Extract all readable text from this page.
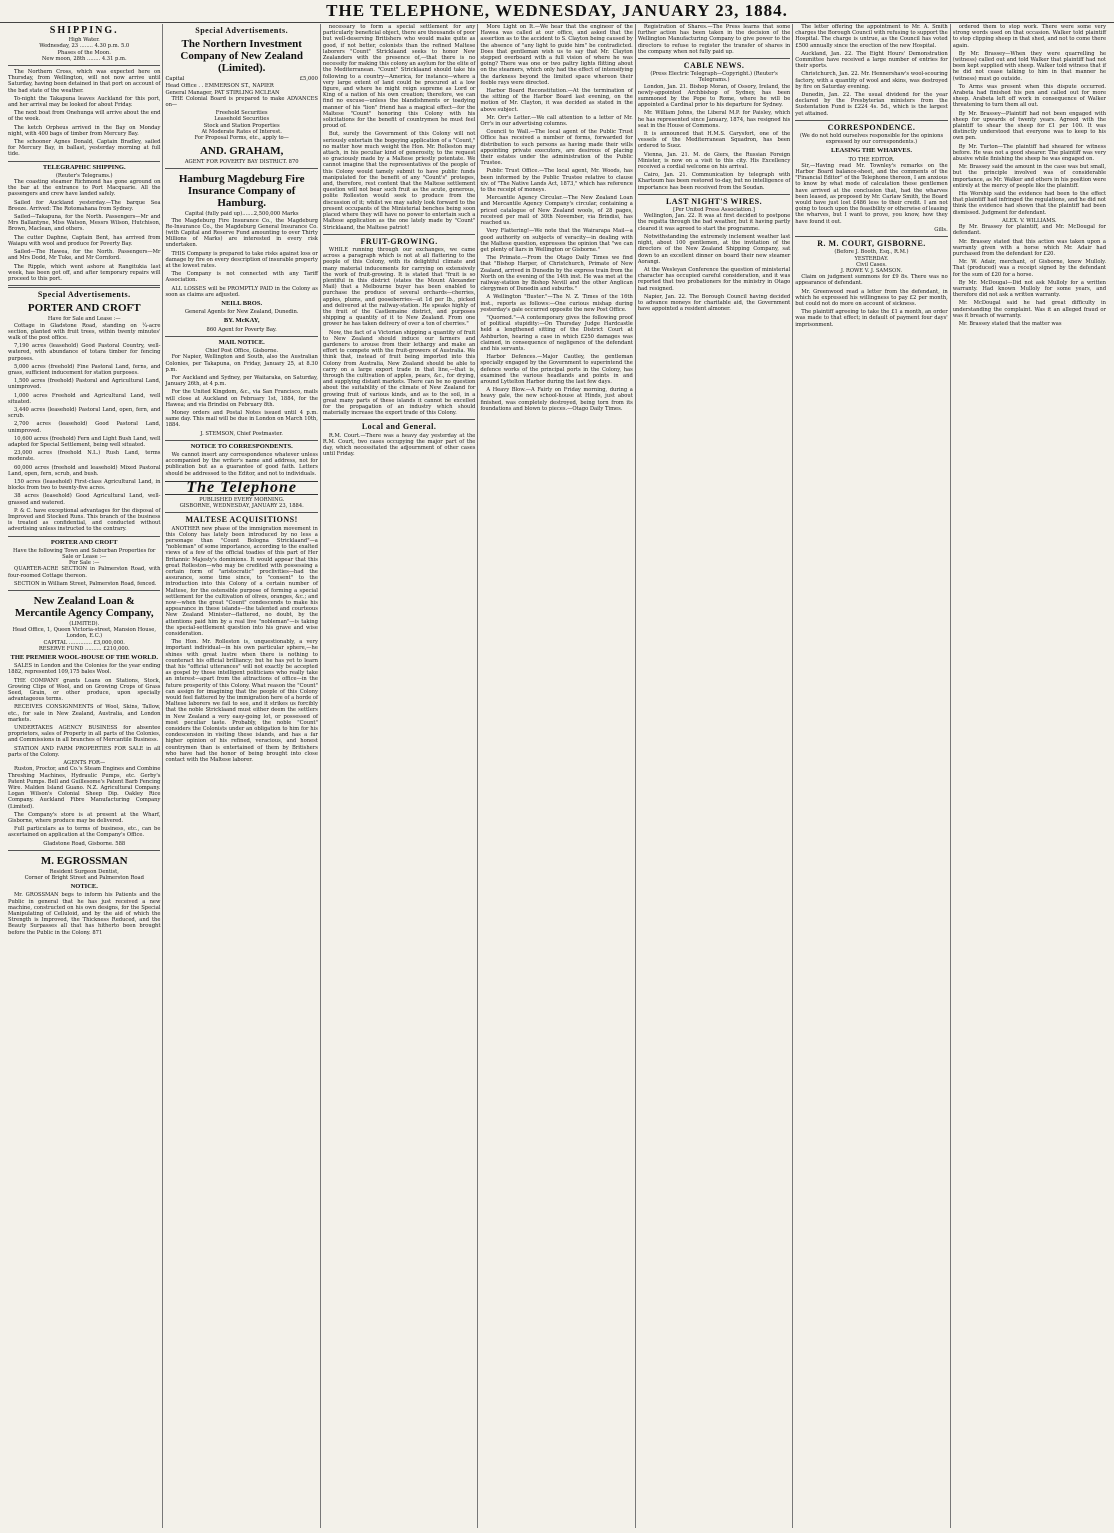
THE TELEPHONE, WEDNESDAY, JANUARY 23, 1884.
SHIPPING.
High Water.
Wednesday, 23 ........ 4.30 p.m. 5.0
Phases of the Moon.
New moon, 28th ........ 4.31 p.m.

The Northern Cross, which was expected here on Thursday, from Wellington, will not now arrive until Saturday, having been detained in that port on account of the bad state of the weather.

To-night the Takapuna leaves Auckland for this port, and her arrival may be looked for about Friday.

The next boat from Onehunga will arrive about the end of the week.

The ketch Orpheus arrived in the Bay on Monday night, with 400 bags of timber from Mercury Bay.

The schooner Agnes Donald, Captain Bradley, sailed for Mercury Bay, in ballast, yesterday morning at full tide.

TELEGRAPHIC SHIPPING.
(Reuter's Telegrams.)

The coasting steamer Richmond has gone aground on the bar at the entrance to Port Macquarie. All the passengers and crew have landed safely.

Sailed for Auckland yesterday.—The barque Sea Breeze. Arrived: The Rotomahana from Sydney.

Sailed—Takapuna, for the North. Passengers—Mr and Mrs Ballantyne, Miss Watson, Messrs Wilson, Hutchison, Brown, Maclean, and others.

The cutter Daphne, Captain Bent, has arrived from Waiapu with wool and produce for Poverty Bay.

Sailed—The Hawea, for the North. Passengers—Mr and Mrs Dodd, Mr Tuke, and Mr Cornford.

The Ripple, which went ashore at Rangitukia last week, has been got off, and after temporary repairs will proceed to this port.

Special Advertisements.
PORTER AND CROFT
Have for Sale and Lease :—

Cottage in Gladstone Road, standing on ¼-acre section, planted with fruit trees, within twenty minutes' walk of the post office.

7,190 acres (leasehold) Good Pastoral Country, well-watered, with abundance of totara timber for fencing purposes.

5,000 acres (freehold) Fine Pastoral Land, ferns, and grass, sufficient inducement for station purposes.

1,500 acres (freehold) Pastoral and Agricultural Land, unimproved.

1,000 acres Freehold and Agricultural Land, well situated.

3,440 acres (leasehold) Pastoral Land, open, fern, and scrub.

2,700 acres (leasehold) Good Pastoral Land, unimproved.

10,600 acres (freehold) Fern and Light Bush Land, well adapted for Special Settlement, being well situated.

23,000 acres (freehold N.L.) Rush Land, terms moderate.

60,000 acres (freehold and leasehold) Mixed Pastoral Land, open, fern, scrub, and bush.

150 acres (leasehold) First-class Agricultural Land, in blocks from two to twenty-five acres.

38 acres (leasehold) Good Agricultural Land, well-grassed and watered.

P. & C. have exceptional advantages for the disposal of Improved and Stocked Runs. This branch of the business is treated as confidential, and conducted without advertising unless instructed to the contrary.

PORTER AND CROFT
Have the following Town and Suburban Properties for Sale or Lease :—
For Sale :—

QUARTER-ACRE SECTION in Palmerston Road, with four-roomed Cottage thereon.

SECTION in William Street, Palmerston Road, fenced.

New Zealand Loan & Mercantile Agency Company,
(LIMITED).
Head Office, 1, Queen Victoria-street, Mansion House, London, E.C.)
CAPITAL .............. £3,000,000.
RESERVE FUND .......... £210,000.
THE PREMIER WOOL-HOUSE OF THE WORLD.

SALES in London and the Colonies for the year ending 1882, represented 109,175 bales Wool.

THE COMPANY grants Loans on Stations, Stock, Growing Clips of Wool, and on Growing Crops of Grass Seed, Grain, or other produce, upon specially advantageous terms.

RECEIVES CONSIGNMENTS of Wool, Skins, Tallow, etc., for sale in New Zealand, Australia, and London markets.

UNDERTAKES AGENCY BUSINESS for absentee proprietors, sales of Property in all parts of the Colonies, and Commissions in all branches of Mercantile Business.

STATION AND FARM PROPERTIES FOR SALE in all parts of the Colony.

AGENTS FOR—

Ruston, Proctor, and Co.'s Steam Engines and Combine Threshing Machines, Hydraulic Pumps, etc. Gerby's Patent Pumps. Bell and Guillesome's Patent Barb Fencing Wire. Malden Island Guano. N.Z. Agricultural Company. Logan Wilson's Colonial Sheep Dip. Oakley Rice Company. Auckland Fibre Manufacturing Company (Limited).

The Company's store is at present at the Wharf, Gisborne, where produce may be delivered.

Full particulars as to terms of business, etc., can be ascertained on application at the Company's Office.

Gladstone Road, Gisborne. 588
M. EGROSSMAN
Resident Surgeon Dentist,
Corner of Bright Street and Palmerston Road
NOTICE.

Mr. GROSSMAN begs to inform his Patients and the Public in general that he has just received a new machine, constructed on his own designs, for the Special Manipulating of Celluloid, and by the aid of which the Strength is Improved, the Thickness Reduced, and the Beauty Surpasses all that has hitherto been brought before the Public in the Colony. 871

Special Advertisements.
The Northern Investment Company of New Zealand (Limited).
Capital	£5,000
Head Office . . EMMERSON ST., NAPIER
General Manager, PAT STIRLING MCLEAN

THE Colonial Board is prepared to make ADVANCES on—

Freehold Securities
Leasehold Securities
Stock and Station Properties
At Moderate Rates of Interest.
For Proposal Forms, etc., apply to—
AND. GRAHAM,
AGENT FOR POVERTY BAY DISTRICT. 870
Hamburg Magdeburg Fire Insurance Company of Hamburg.
Capital (fully paid up).......2,500,000 Marks

The Magdeburg Fire Insurance Co., the Magdeburg Re-Insurance Co., the Magdeburg General Insurance Co. (with Capital and Reserve Fund amounting to over Thirty Millions of Marks) are interested in every risk undertaken.

THIS Company is prepared to take risks against loss or damage by fire on every description of insurable property at the lowest rates.

The Company is not connected with any Tariff Association.

ALL LOSSES will be PROMPTLY PAID in the Colony as soon as claims are adjusted.

NEILL BROS.
General Agents for New Zealand, Dunedin.
BY. McKAY,
860 Agent for Poverty Bay.
MAIL NOTICE.
Chief Post Office, Gisborne.

For Napier, Wellington and South, also the Australian Colonies, per Takapuna, on Friday, January 25, at 8.30 p.m.

For Auckland and Sydney, per Waitaraka, on Saturday, January 26th, at 4 p.m.

For the United Kingdom, &c., via San Francisco, mails will close at Auckland on February 1st, 1884, for the Hawea; and via Brindisi on February 8th.

Money orders and Postal Notes issued until 4 p.m. same day. This mail will be due in London on March 10th, 1884.

J. STEMSON, Chief Postmaster.
NOTICE TO CORRESPONDENTS.

We cannot insert any correspondence whatever unless accompanied by the writer's name and address, not for publication but as a guarantee of good faith. Letters should be addressed to the Editor, and not to individuals.

The Telephone
PUBLISHED EVERY MORNING.
GISBORNE, WEDNESDAY, JANUARY 23, 1884.
MALTESE ACQUISITIONS!

ANOTHER new phase of the immigration movement in this Colony has lately been introduced by no less a personage than "Count Bologna Stricklaand"—a "nobleman" of some importance, according to the exalted views of a few of the official toadies of this part of Her Britannic Majesty's dominions. It would appear that this great Rolleston—who may be credited with possessing a certain form of "aristocratic" proclivities—had the assurance, some time since, to "consent" to the introduction into this Colony of a certain number of Maltese, for the ostensible purpose of forming a special settlement for the cultivation of olives, oranges, &c.; and now—when the great "Count" condescends to make his appearance in these islands—the talented and courteous New Zealand Minister—flattered, no doubt, by the attentions paid him by a real live "nobleman"—is taking the special-settlement question into his grave and wise consideration.

The Hon. Mr. Rolleston is, unquestionably, a very important individual—in his own particular sphere,—he shines with great lustre when there is nothing to counteract his official brilliancy; but he has yet to learn that his "official utterances" will not exactly be accepted as gospel by those intelligent politicians who really take an interest—apart from the attractions of office—in the future prosperity of this Colony. What reason the "Count" can assign for imagining that the people of this Colony would feel flattered by the immigration here of a horde of Maltese laborers we fail to see, and it strikes us forcibly that the noble Stricklaand must either deem the settlers in New Zealand a very easy-going lot, or possessed of most peculiar taste. Probably, the noble "Count" considers the Colonists under an obligation to him for his condescension in visiting these islands, and has a far higher opinion of his refined, veracious, and honest countrymen than is entertained of them by Britishers who have had the honor of being brought into close contact with the Maltese laborer.

necessary to form a special settlement for any particularly beneficial object, there are thousands of poor but well-deserving Britishers who would make quite as good, if not better, colonists than the refined Maltese laborers "Count" Stricklaand seeks to honor New Zealanders with the presence of,—that there is no necessity for making this colony an asylum for the elite of the Mediterranean. "Count" Stricklaand should take his following to a country—America, for instance—where a very large extent of land could be procured at a low figure, and where he might reign supreme as Lord or King of a nation of his own creation; therefore, we can find no excuse—unless the blandishments or toadying manner of his "lion" friend has a magical effect—for the Maltese "Count" honoring this Colony with his solicitations for the benefit of countrymen he must feel proud of.

But, surely the Government of this Colony will not seriously entertain the bogeying application of a "Count," no matter how much weight the Hon. Mr. Rolleston may attach, in his peculiar kind of generosity, to the request so graciously made by a Maltese priestly potentate. We cannot imagine that the representatives of the people of this Colony would tamely submit to have public funds manipulated for the benefit of any "Count's" proteges, and, therefore, rest content that the Maltese settlement question will not bear such fruit as the acute, generous, polite Rolleston would seek to produce from the discussion of it; whilst we may safely look forward to the present occupants of the Ministerial benches being soon placed where they will have no power to entertain such a Maltese application as the one lately made by "Count" Stricklaand, the Maltese patriot!

FRUIT-GROWING.

WHILE running through our exchanges, we came across a paragraph which is not at all flattering to the people of this Colony, with its delightful climate and many material inducements for carrying on extensively the work of fruit-growing. It is stated that "fruit is so plentiful in this district (states the Mount Alexander Mail) that a Melbourne buyer has been enabled to purchase the produce of several orchards—cherries, apples, plums, and gooseberries—at 1d per lb., picked and delivered at the railway-station. He speaks highly of the fruit of the Castlemaine district, and purposes shipping a quantity of it to New Zealand. From one grower he has taken delivery of over a ton of cherries."

Now, the fact of a Victorian shipping a quantity of fruit to New Zealand should induce our farmers and gardeners to arouse from their lethargy and make an effort to compete with the fruit-growers of Australia. We think that, instead of fruit being imported into this Colony from Australia, New Zealand should be able to carry on a large export trade in that line,—that is, through the cultivation of apples, pears, &c., for drying, and supplying distant markets. There can be no question about the suitability of the climate of New Zealand for growing fruit of various kinds, and as to the soil, in a great many parts of these islands it cannot be excelled for the propagation of an industry which should materially increase the export trade of this Colony.

Local and General.

R.M. Court.—There was a heavy day yesterday at the R.M. Court, two cases occupying the major part of the day, which necessitated the adjournment of other cases until Friday.

More Light on It.—We hear that the engineer of the Hawea was called at our office, and asked that the assertion as to the accident to S. Clayton being caused by the absence of "any light to guide him" be contradicted. Does that gentleman wish us to say that Mr. Clayton stepped overboard with a full vision of where he was going? There was one or two paltry lights flitting about on the steamers, which only had the effect of intensifying the darkness beyond the limited space whereon their feeble rays were directed.

Harbor Board Reconstitution.—At the termination of the sitting of the Harbor Board last evening, on the motion of Mr. Clayton, it was decided as stated in the above subject.

Mr. Orr's Letter.—We call attention to a letter of Mr. Orr's in our advertising columns.

Council to Wall.—The local agent of the Public Trust Office has received a number of forms, forwarded for distribution to such persons as having made their wills appointing private executors, are desirous of placing their estates under the administration of the Public Trustee.

Public Trust Office.—The local agent, Mr. Woods, has been informed by the Public Trustee relative to clause xiv. of "The Native Lands Act, 1873," which has reference to the receipt of moneys.

Mercantile Agency Circular.—The New Zealand Loan and Mercantile Agency Company's circular, containing a priced catalogue of New Zealand wools, of 28 pages, received per mail of 30th November, via Brindisi, has reached us.

Very Flattering!—We note that the Wairarapa Mail—a good authority on subjects of veracity—in dealing with the Maltese question, expresses the opinion that "we can get plenty of liars in Wellington or Gisborne."

The Primate.—From the Otago Daily Times we find that "Bishop Harper, of Christchurch, Primate of New Zealand, arrived in Dunedin by the express train from the North on the evening of the 14th inst. He was met at the railway-station by Bishop Nevill and the other Anglican clergymen of Dunedin and suburbs."

A Wellington "Buster."—The N. Z. Times of the 16th inst., reports as follows:—One curious mishap during yesterday's gale occurred opposite the new Post Office.

"Quorned."—A contemporary gives the following proof of political stupidity:—On Thursday Judge Hardcastle held a lengthened sitting of the District Court at Ashburton, hearing a case in which £250 damages was claimed, in consequence of negligence of the defendant and his servants.

Harbor Defences.—Major Cautley, the gentleman specially engaged by the Government to superintend the defence works of the principal ports in the Colony, has examined the various headlands and points in and around Lyttelton Harbor during the last few days.

A Heavy Blow.—A Fairly on Friday morning, during a heavy gale, the new school-house at Hinds, just about finished, was completely destroyed, being torn from its foundations and blown to pieces.—Otago Daily Times.

Registration of Shares.—The Press learns that some further action has been taken in the decision of the Wellington Manufacturing Company to give power to the directors to refuse to register the transfer of shares in the company when not fully paid up.

CABLE NEWS.
(Press Electric Telegraph—Copyright.) (Reuter's Telegrams.)

London, Jan. 21. Bishop Moran, of Ossory, Ireland, the newly-appointed Archbishop of Sydney, has been summoned by the Pope to Rome, where he will be appointed a Cardinal prior to his departure for Sydney.

Mr. William Johns, the Liberal M.P. for Paisley, which he has represented since January, 1874, has resigned his seat in the House of Commons.

It is announced that H.M.S. Carysfort, one of the vessels of the Mediterranean Squadron, has been ordered to Suez.

Vienna, Jan. 21. M. de Giers, the Russian Foreign Minister, is now on a visit to this city. His Excellency received a cordial welcome on his arrival.

Cairo, Jan. 21. Communication by telegraph with Khartoum has been restored to-day, but no intelligence of importance has been received from the Soudan.

LAST NIGHT'S WIRES.
[Per United Press Association.]

Wellington, Jan. 22. It was at first decided to postpone the regatta through the bad weather, but it having partly cleared it was agreed to start the programme.

Notwithstanding the extremely inclement weather last night, about 100 gentlemen, at the invitation of the directors of the New Zealand Shipping Company, sat down to an excellent dinner on board their new steamer Aorangi.

At the Wesleyan Conference the question of ministerial character has occupied careful consideration, and it was reported that two probationers for the ministry in Otago had resigned.

Napier, Jan. 22. The Borough Council having decided to advance moneys for charitable aid, the Government have appointed a resident almoner.

The letter offering the appointment to Mr. A. Smith charges the Borough Council with refusing to support the Hospital. The charge is untrue, as the Council has voted £500 annually since the erection of the new Hospital.

Auckland, Jan. 22. The Eight Hours' Demonstration Committee have received a large number of entries for their sports.

Christchurch, Jan. 22. Mr. Hennershaw's wool-scouring factory, with a quantity of wool and skins, was destroyed by fire on Saturday evening.

Dunedin, Jan. 22. The usual dividend for the year declared by the Presbyterian ministers from the Sustentation Fund is £224 4s. 5d., which is the largest yet attained.

CORRESPONDENCE.
(We do not hold ourselves responsible for the opinions expressed by our correspondents.)
LEASING THE WHARVES.
TO THE EDITOR.

Sir,—Having read Mr. Townley's remarks on the Harbor Board balance-sheet, and the comments of the "Financial Editor" of the Telephone thereon, I am anxious to know by what mode of calculation these gentlemen have arrived at the conclusion that, had the wharves been leased, as proposed by Mr. Carlaw Smith, the Board would have just lost £486 less to their credit. I am not going to touch upon the feasibility or otherwise of leasing the wharves, but I want to prove, you know, how they have found it out.

Gills.
R. M. COURT, GISBORNE.
(Before J. Booth, Esq., R.M.)
YESTERDAY.
Civil Cases.
J. ROWE V. J. SAMSON.

Claim on judgment summons for £9 8s. There was no appearance of defendant.

Mr. Greenwood read a letter from the defendant, in which he expressed his willingness to pay £2 per month, but could not do more on account of sickness.

The plaintiff agreeing to take the £1 a month, an order was made to that effect; in default of payment four days' imprisonment.

ordered them to stop work. There were some very strong words used on that occasion. Walker told plaintiff to stop clipping sheep in that shed, and not to come there again.

By Mr. Brassey—When they were quarrelling he (witness) called out and told Walker that plaintiff had not been kept supplied with sheep. Walker told witness that if he did not cease talking to him in that manner he (witness) must go outside.

To Arms was present when this dispute occurred. Arabeta had finished his pen and called out for more sheep. Arabeta left off work in consequence of Walker threatening to turn them all out.

By Mr. Brassey—Plaintiff had not been engaged with sheep for upwards of twenty years. Agreed with the plaintiff to shear the sheep for £1 per 100. It was distinctly understood that everyone was to keep to his own pen.

By Mr. Turton—The plaintiff had sheared for witness before. He was not a good shearer. The plaintiff was very abusive while finishing the sheep he was engaged on.

Mr. Brassey said the amount in the case was but small, but the principle involved was of considerable importance, as Mr. Walker and others in his position were entirely at the mercy of people like the plaintiff.

His Worship said the evidence had been to the effect that plaintiff had infringed the regulations, and he did not think the evidence had shown that the plaintiff had been dismissed. Judgment for defendant.

ALEX. V. WILLIAMS.

By Mr. Brassey for plaintiff, and Mr. McDougal for defendant.

Mr. Brassey stated that this action was taken upon a warranty given with a horse which Mr. Adair had purchased from the defendant for £20.

Mr. W. Adair, merchant, of Gisborne, knew Mulloly. That (produced) was a receipt signed by the defendant for the sum of £20 for a horse.

By Mr. McDougal—Did not ask Mulloly for a written warranty. Had known Mulloly for some years, and therefore did not ask a written warranty.

Mr. McDougal said he had great difficulty in understanding the complaint. Was it an alleged fraud or was it breach of warranty.

Mr. Brassey stated that the matter was
